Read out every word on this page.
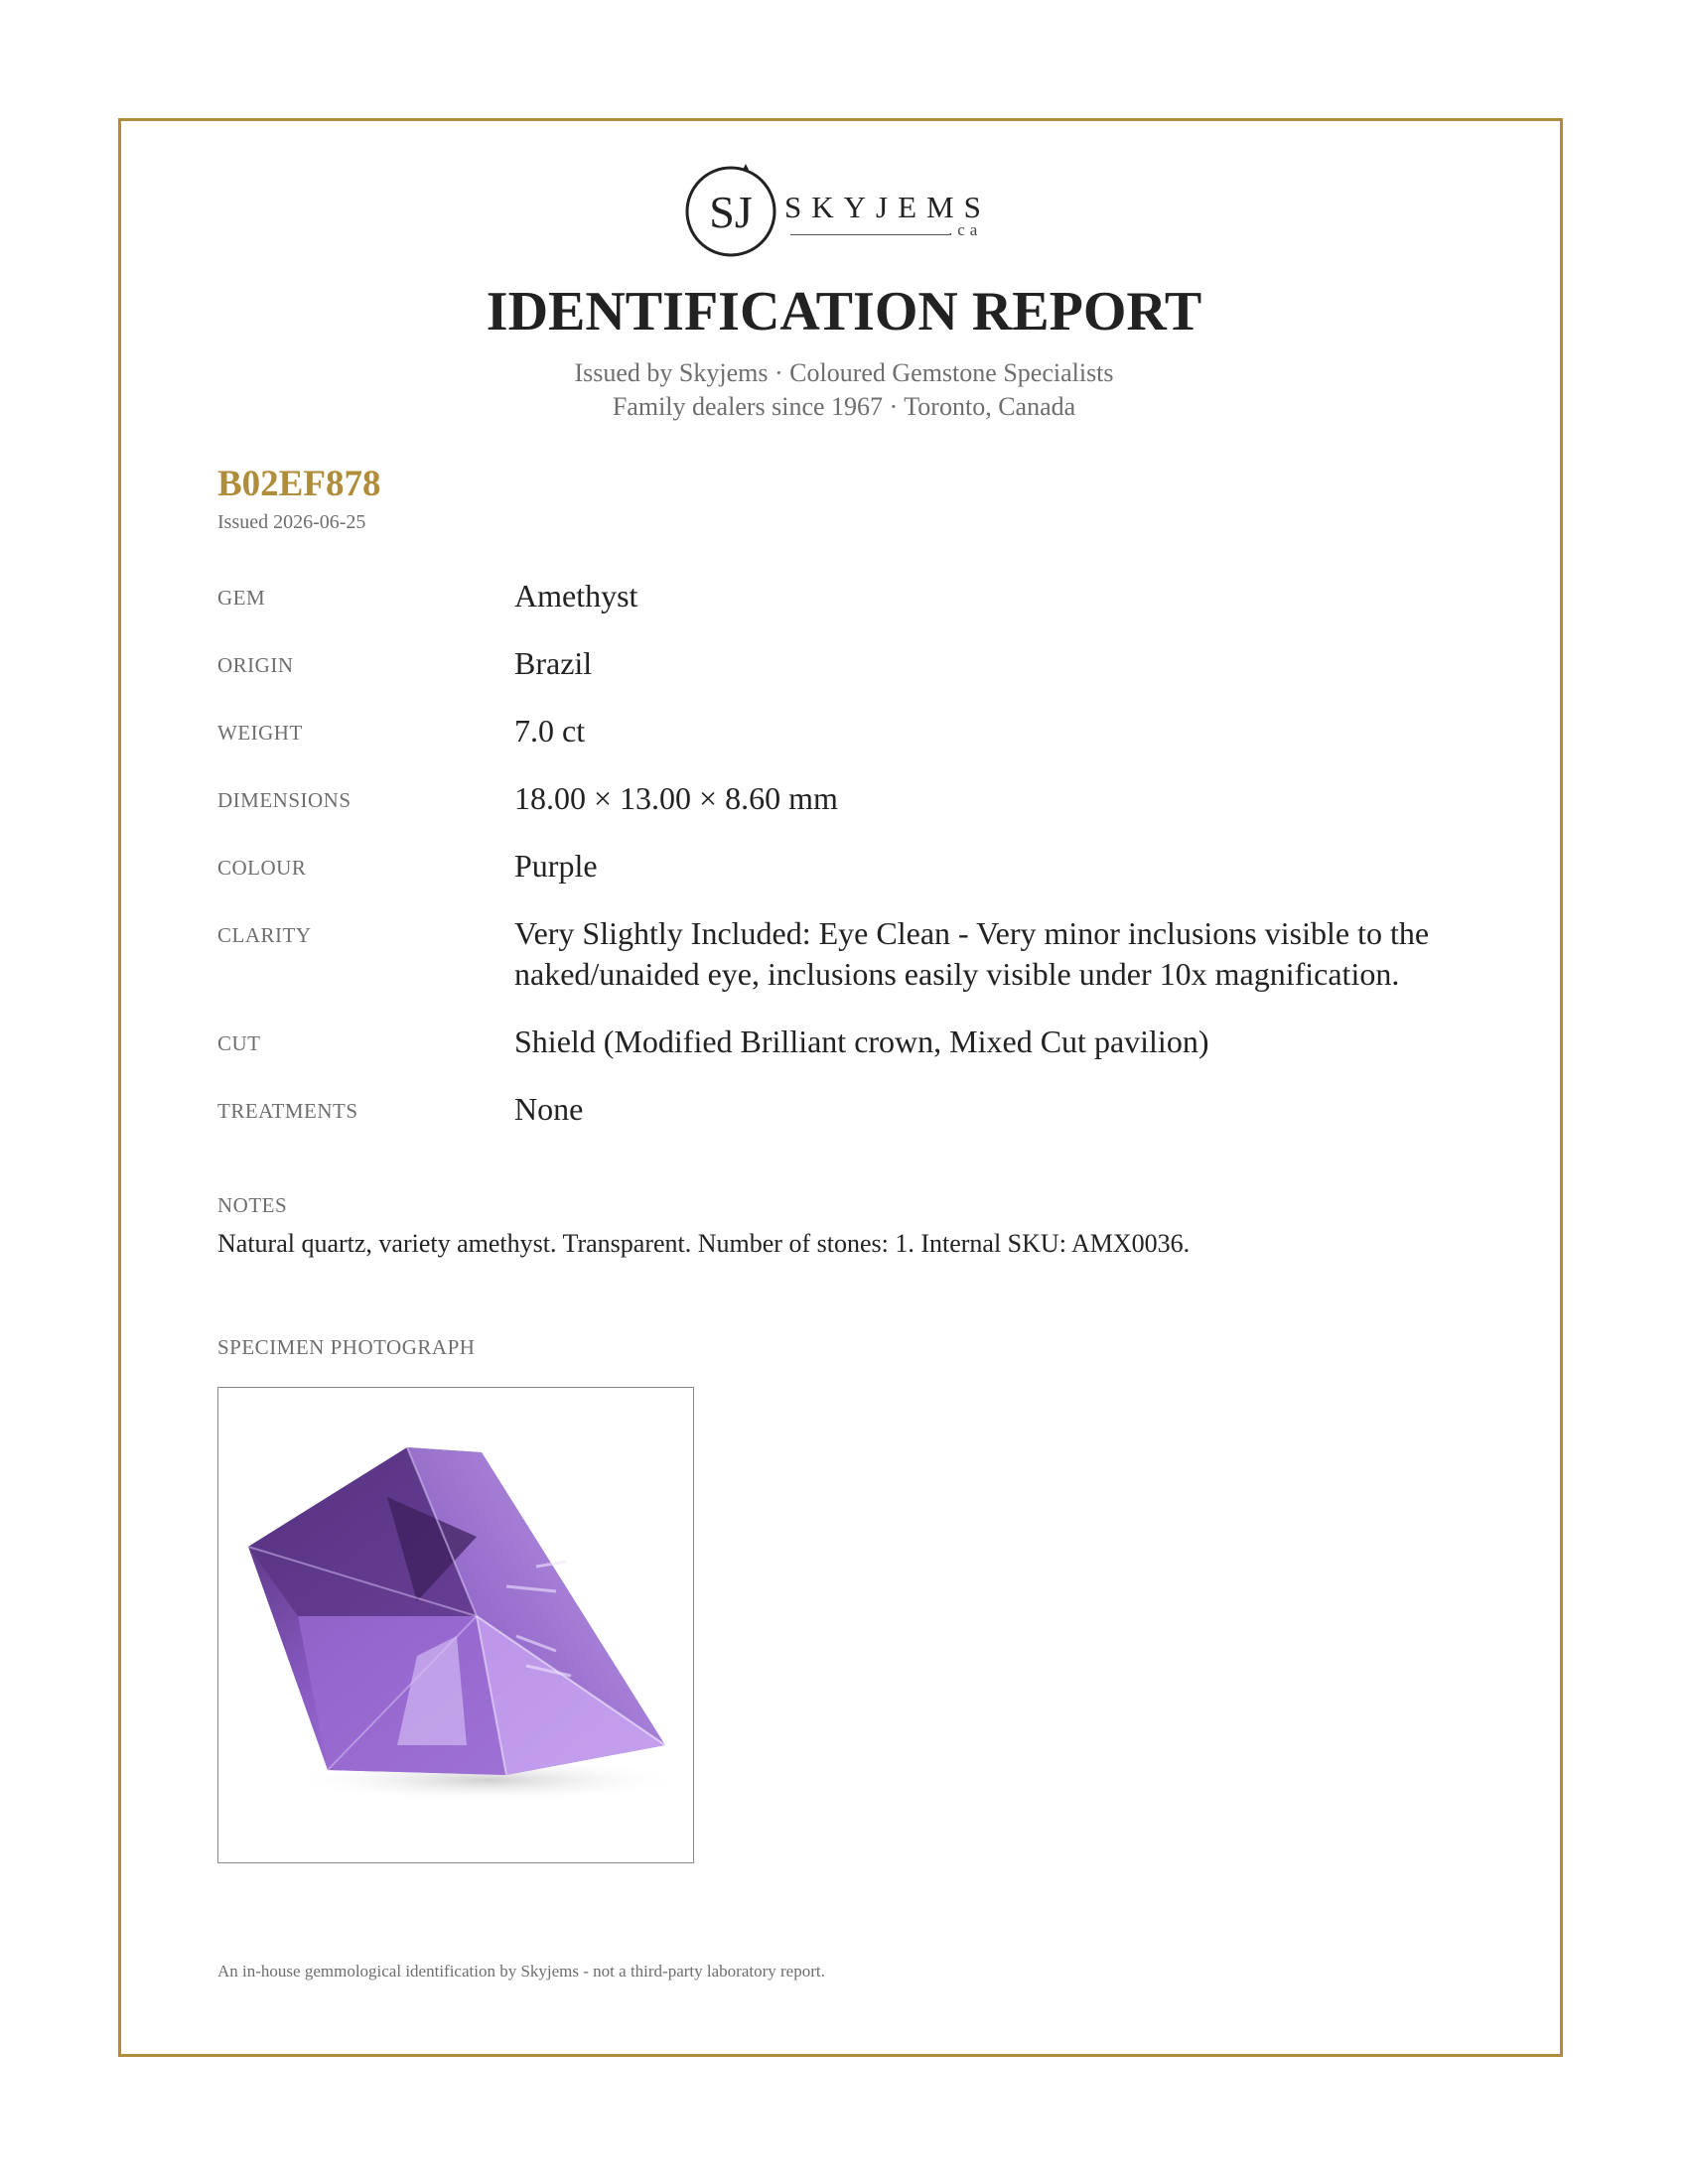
SJ SKYJEMS
.ca
IDENTIFICATION REPORT
Issued by Skyjems · Coloured Gemstone Specialists
Family dealers since 1967 · Toronto, Canada
B02EF878
Issued 2026-06-25
GEM	Amethyst
ORIGIN	Brazil
WEIGHT	7.0 ct
DIMENSIONS	18.00 × 13.00 × 8.60 mm
COLOUR	Purple
CLARITY	Very Slightly Included: Eye Clean - Very minor inclusions visible to the naked/unaided eye, inclusions easily visible under 10x magnification.
CUT	Shield (Modified Brilliant crown, Mixed Cut pavilion)
TREATMENTS	None
NOTES
Natural quartz, variety amethyst. Transparent. Number of stones: 1. Internal SKU: AMX0036.
SPECIMEN PHOTOGRAPH
An in-house gemmological identification by Skyjems - not a third-party laboratory report.
